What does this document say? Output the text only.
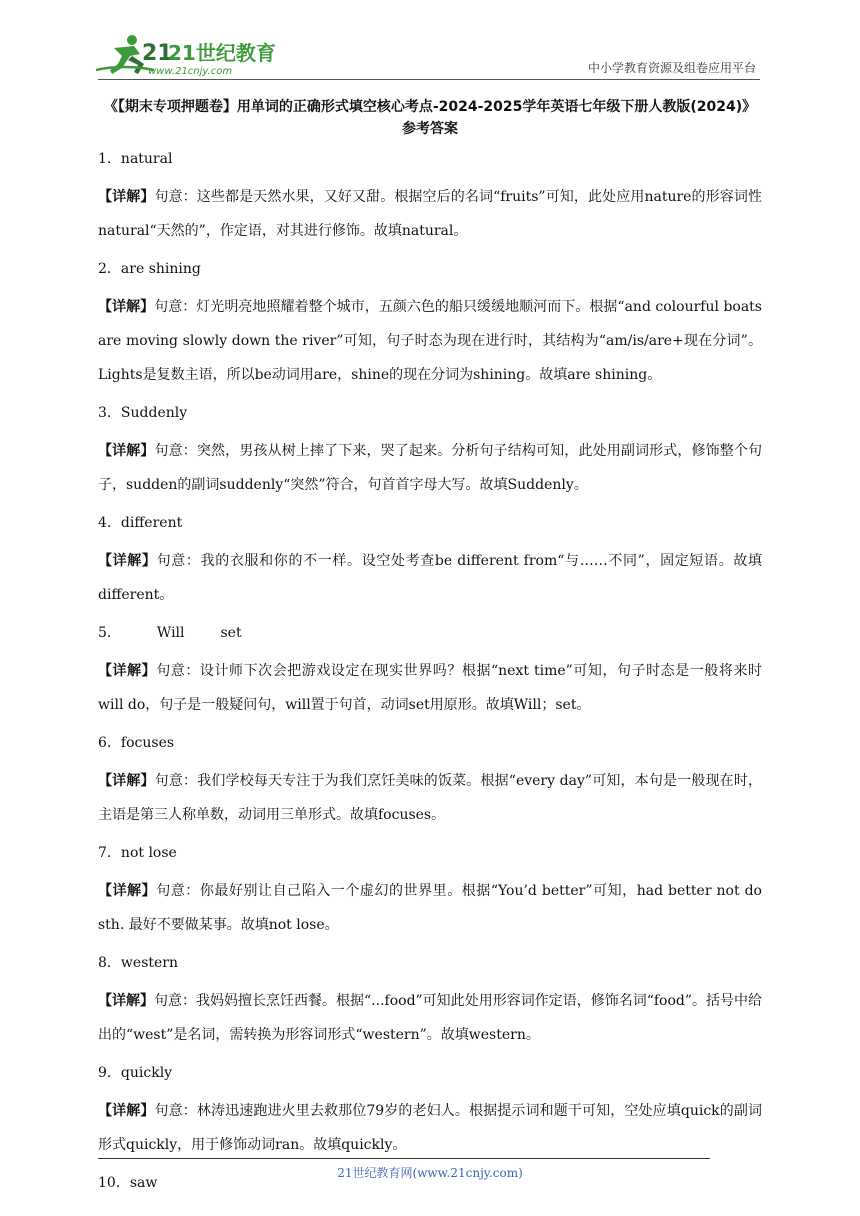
21
21世纪教育
www.21cnjy.com	中小学教育资源及组卷应用平台

《【期末专项押题卷】用单词的正确形式填空核心考点-2024-2025学年英语七年级下册人教版(2024)》

参考答案

1．natural

【详解】句意：这些都是天然水果，又好又甜。根据空后的名词“fruits”可知，此处应用nature的形容词性natural“天然的”，作定语，对其进行修饰。故填natural。

2．are shining

【详解】句意：灯光明亮地照耀着整个城市，五颜六色的船只缓缓地顺河而下。根据“and colourful boats are moving slowly down the river”可知，句子时态为现在进行时，其结构为“am/is/are+现在分词”。Lights是复数主语，所以be动词用are，shine的现在分词为shining。故填are shining。

3．Suddenly

【详解】句意：突然，男孩从树上摔了下来，哭了起来。分析句子结构可知，此处用副词形式，修饰整个句子，sudden的副词suddenly“突然”符合，句首首字母大写。故填Suddenly。

4．different

【详解】句意：我的衣服和你的不一样。设空处考查be different from“与……不同”，固定短语。故填different。

5．	Will	set

【详解】句意：设计师下次会把游戏设定在现实世界吗？根据“next time”可知，句子时态是一般将来时will do，句子是一般疑问句，will置于句首，动词set用原形。故填Will；set。

6．focuses

【详解】句意：我们学校每天专注于为我们烹饪美味的饭菜。根据“every day”可知，本句是一般现在时，主语是第三人称单数，动词用三单形式。故填focuses。

7．not lose

【详解】句意：你最好别让自己陷入一个虚幻的世界里。根据“You’d better”可知，had better not do sth. 最好不要做某事。故填not lose。

8．western

【详解】句意：我妈妈擅长烹饪西餐。根据“...food”可知此处用形容词作定语，修饰名词“food”。括号中给出的“west”是名词，需转换为形容词形式“western”。故填western。

9．quickly

【详解】句意：林涛迅速跑进火里去救那位79岁的老妇人。根据提示词和题干可知，空处应填quick的副词形式quickly，用于修饰动词ran。故填quickly。

10．saw

21世纪教育网(www.21cnjy.com)
